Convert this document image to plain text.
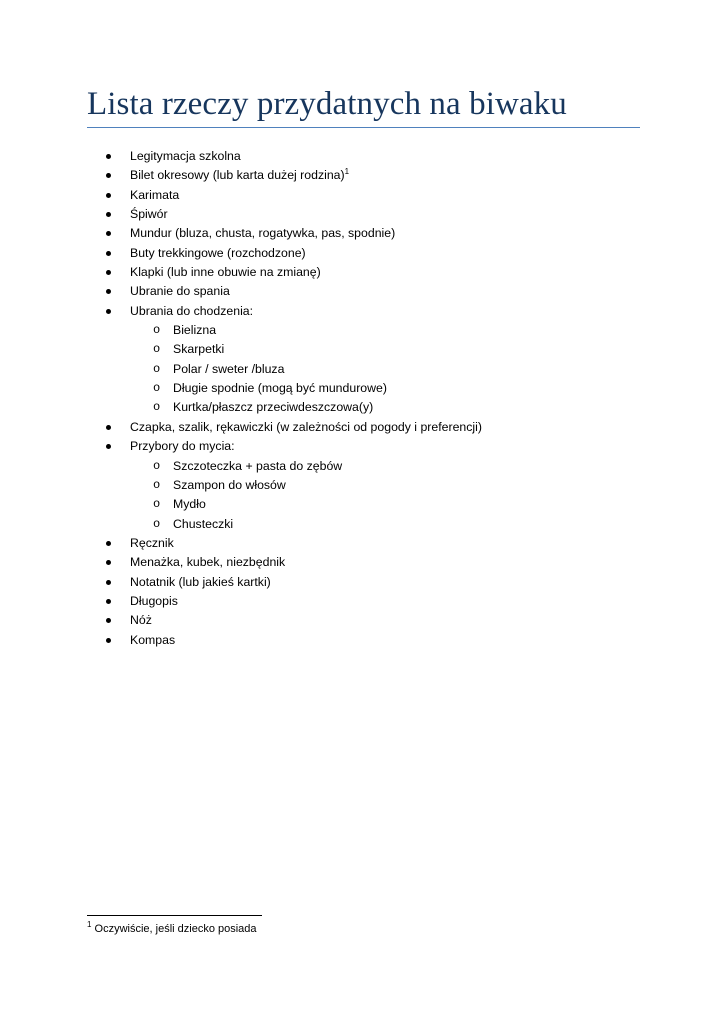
Lista rzeczy przydatnych na biwaku
Legitymacja szkolna
Bilet okresowy (lub karta dużej rodzina)$^1$
Karimata
Śpiwór
Mundur (bluza, chusta, rogatywka, pas, spodnie)
Buty trekkingowe (rozchodzone)
Klapki (lub inne obuwie na zmianę)
Ubranie do spania
Ubrania do chodzenia:
o Bielizna
o Skarpetki
o Polar / sweter /bluza
o Długie spodnie (mogą być mundurowe)
o Kurtka/płaszcz przeciwdeszczowa(y)
Czapka, szalik, rękawiczki (w zależności od pogody i preferencji)
Przybory do mycia:
o Szczoteczka + pasta do zębów
o Szampon do włosów
o Mydło
o Chusteczki
Ręcznik
Menażka, kubek, niezbędnik
Notatnik (lub jakieś kartki)
Długopis
Nóż
Kompas
$^1$ Oczywiście, jeśli dziecko posiada
